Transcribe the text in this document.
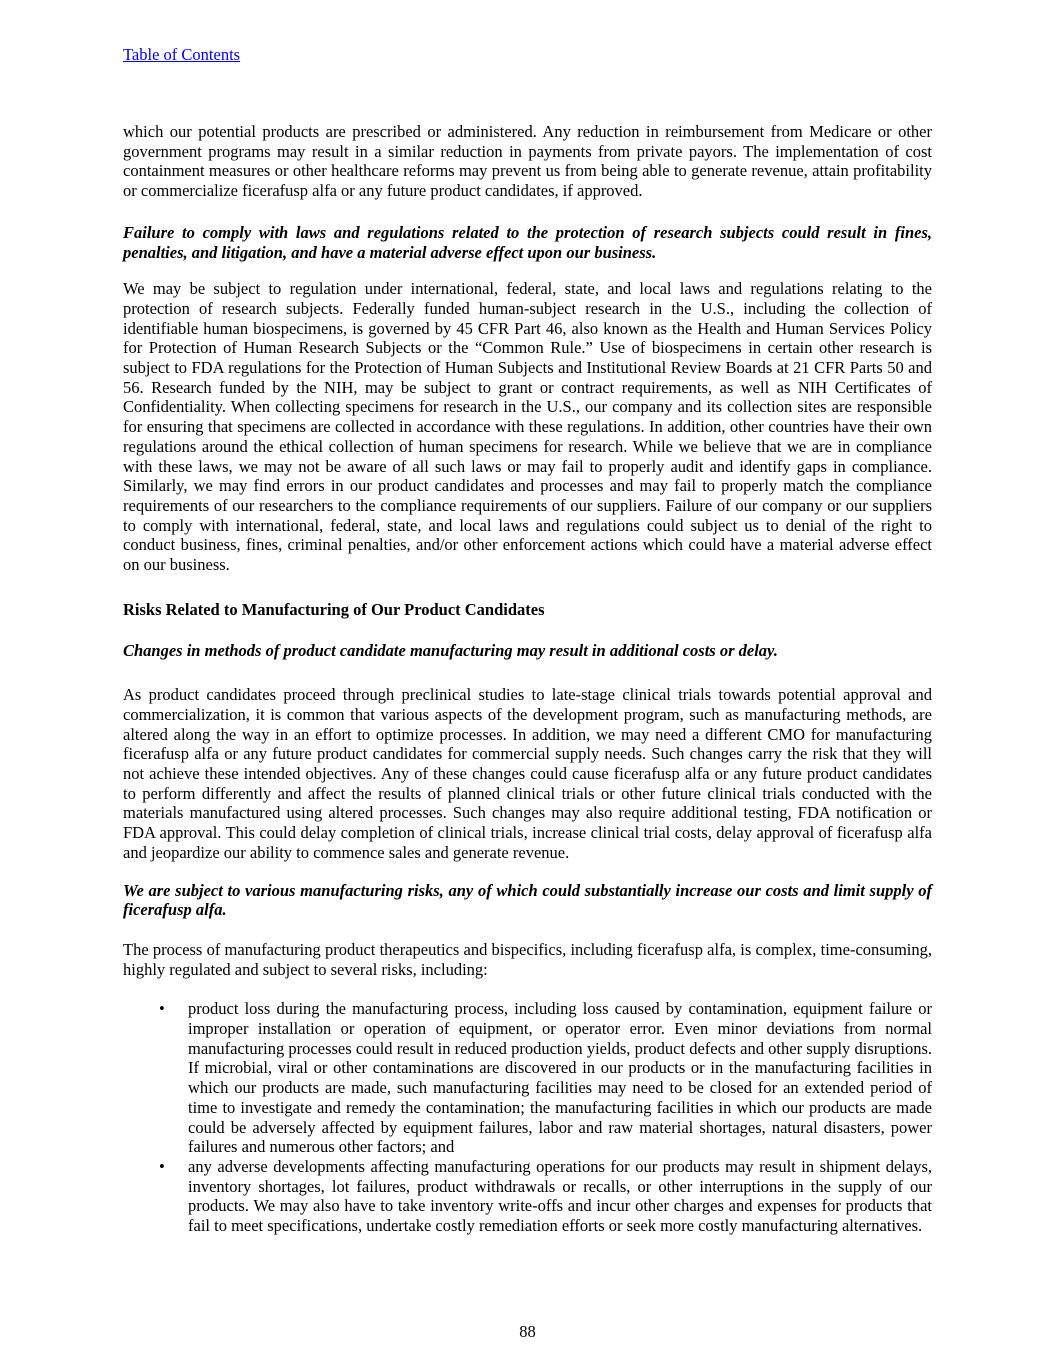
Table of Contents

which our potential products are prescribed or administered. Any reduction in reimbursement from Medicare or other government programs may result in a similar reduction in payments from private payors. The implementation of cost containment measures or other healthcare reforms may prevent us from being able to generate revenue, attain profitability or commercialize ficerafusp alfa or any future product candidates, if approved.

Failure to comply with laws and regulations related to the protection of research subjects could result in fines, penalties, and litigation, and have a material adverse effect upon our business.

We may be subject to regulation under international, federal, state, and local laws and regulations relating to the protection of research subjects. Federally funded human-subject research in the U.S., including the collection of identifiable human biospecimens, is governed by 45 CFR Part 46, also known as the Health and Human Services Policy for Protection of Human Research Subjects or the “Common Rule.” Use of biospecimens in certain other research is subject to FDA regulations for the Protection of Human Subjects and Institutional Review Boards at 21 CFR Parts 50 and 56. Research funded by the NIH, may be subject to grant or contract requirements, as well as NIH Certificates of Confidentiality. When collecting specimens for research in the U.S., our company and its collection sites are responsible for ensuring that specimens are collected in accordance with these regulations. In addition, other countries have their own regulations around the ethical collection of human specimens for research. While we believe that we are in compliance with these laws, we may not be aware of all such laws or may fail to properly audit and identify gaps in compliance. Similarly, we may find errors in our product candidates and processes and may fail to properly match the compliance requirements of our researchers to the compliance requirements of our suppliers. Failure of our company or our suppliers to comply with international, federal, state, and local laws and regulations could subject us to denial of the right to conduct business, fines, criminal penalties, and/or other enforcement actions which could have a material adverse effect on our business.

Risks Related to Manufacturing of Our Product Candidates
Changes in methods of product candidate manufacturing may result in additional costs or delay.

As product candidates proceed through preclinical studies to late-stage clinical trials towards potential approval and commercialization, it is common that various aspects of the development program, such as manufacturing methods, are altered along the way in an effort to optimize processes. In addition, we may need a different CMO for manufacturing ficerafusp alfa or any future product candidates for commercial supply needs. Such changes carry the risk that they will not achieve these intended objectives. Any of these changes could cause ficerafusp alfa or any future product candidates to perform differently and affect the results of planned clinical trials or other future clinical trials conducted with the materials manufactured using altered processes. Such changes may also require additional testing, FDA notification or FDA approval. This could delay completion of clinical trials, increase clinical trial costs, delay approval of ficerafusp alfa and jeopardize our ability to commence sales and generate revenue.

We are subject to various manufacturing risks, any of which could substantially increase our costs and limit supply of ficerafusp alfa.

The process of manufacturing product therapeutics and bispecifics, including ficerafusp alfa, is complex, time-consuming, highly regulated and subject to several risks, including:

• product loss during the manufacturing process, including loss caused by contamination, equipment failure or improper installation or operation of equipment, or operator error. Even minor deviations from normal manufacturing processes could result in reduced production yields, product defects and other supply disruptions. If microbial, viral or other contaminations are discovered in our products or in the manufacturing facilities in which our products are made, such manufacturing facilities may need to be closed for an extended period of time to investigate and remedy the contamination; the manufacturing facilities in which our products are made could be adversely affected by equipment failures, labor and raw material shortages, natural disasters, power failures and numerous other factors; and
• any adverse developments affecting manufacturing operations for our products may result in shipment delays, inventory shortages, lot failures, product withdrawals or recalls, or other interruptions in the supply of our products. We may also have to take inventory write-offs and incur other charges and expenses for products that fail to meet specifications, undertake costly remediation efforts or seek more costly manufacturing alternatives.
88
